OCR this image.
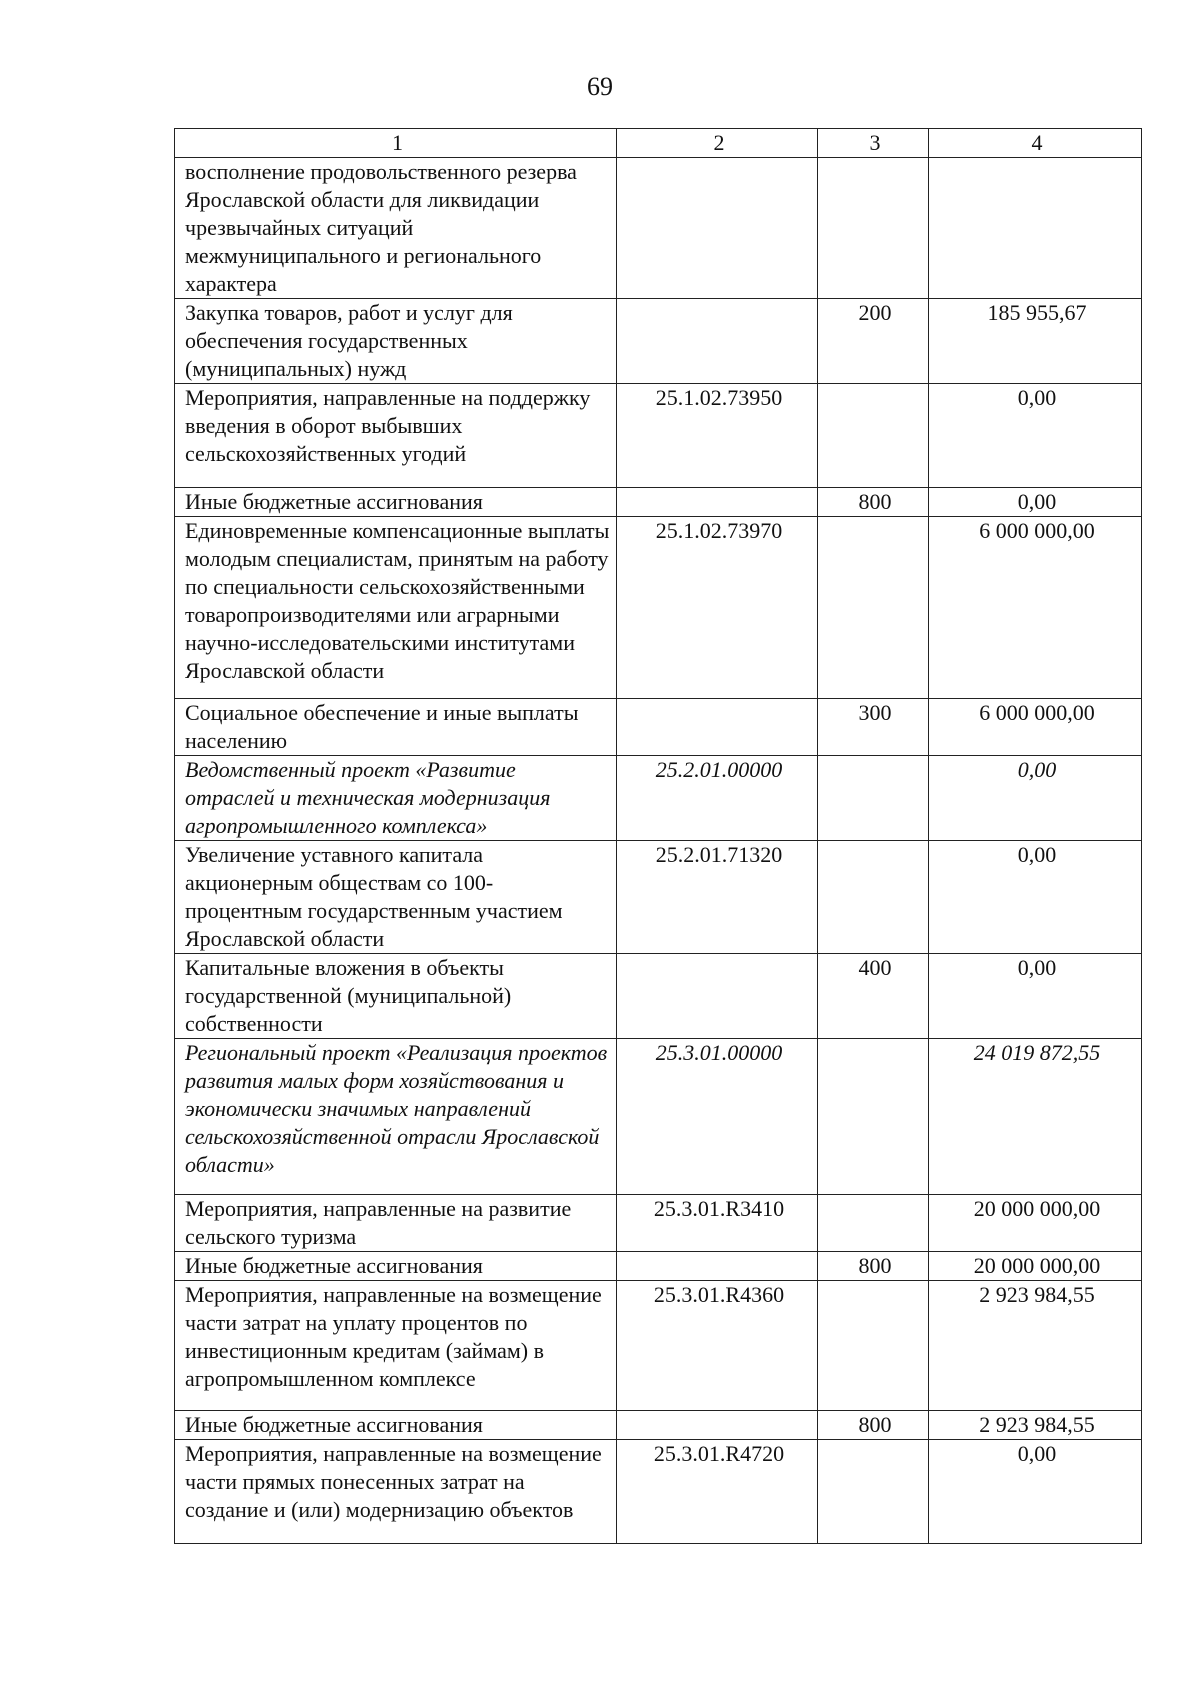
69
1	2	3	4
восполнение продовольственного резерва Ярославской области для ликвидации чрезвычайных ситуаций межмуниципального и регионального характера			
Закупка товаров, работ и услуг для обеспечения государственных (муниципальных) нужд		200	185 955,67
Мероприятия, направленные на поддержку введения в оборот выбывших сельскохозяйственных угодий	25.1.02.73950		0,00
Иные бюджетные ассигнования		800	0,00
Единовременные компенсационные выплаты молодым специалистам, принятым на работу по специальности сельскохозяйственными товаропроизводителями или аграрными научно-исследовательскими институтами Ярославской области	25.1.02.73970		6 000 000,00
Социальное обеспечение и иные выплаты населению		300	6 000 000,00
Ведомственный проект «Развитие отраслей и техническая модернизация агропромышленного комплекса»	25.2.01.00000		0,00
Увеличение уставного капитала акционерным обществам со 100-процентным государственным участием Ярославской области	25.2.01.71320		0,00
Капитальные вложения в объекты государственной (муниципальной) собственности		400	0,00
Региональный проект «Реализация проектов развития малых форм хозяйствования и экономически значимых направлений сельскохозяйственной отрасли Ярославской области»	25.3.01.00000		24 019 872,55
Мероприятия, направленные на развитие сельского туризма	25.3.01.R3410		20 000 000,00
Иные бюджетные ассигнования		800	20 000 000,00
Мероприятия, направленные на возмещение части затрат на уплату процентов по инвестиционным кредитам (займам) в агропромышленном комплексе	25.3.01.R4360		2 923 984,55
Иные бюджетные ассигнования		800	2 923 984,55
Мероприятия, направленные на возмещение части прямых понесенных затрат на создание и (или) модернизацию объектов	25.3.01.R4720		0,00
